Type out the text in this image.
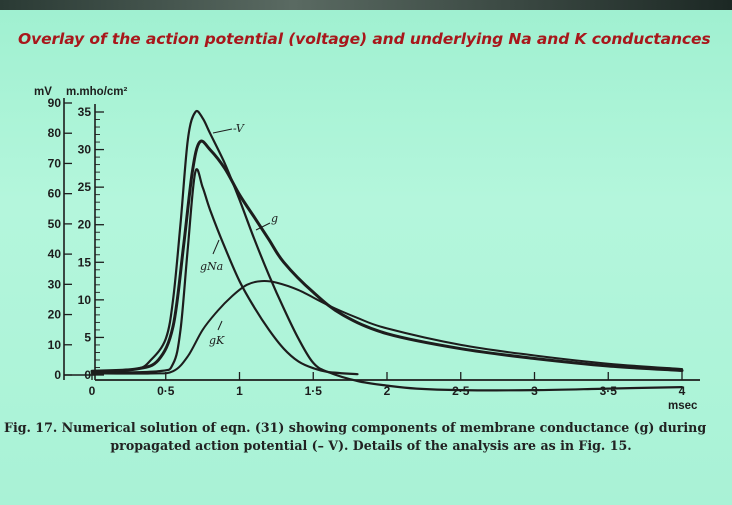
Overlay of the action potential (voltage) and underlying Na and K conductances
0
10
20
30
40
50
60
70
80
90
0
5
10
15
20
25
30
35
0	0·5	1	1·5	2	2·5	3	3·5	4
msec
mV m.mho/cm²
-V
g
gNa
gK
Fig. 17. Numerical solution of eqn. (31) showing components of membrane conductance (g) during
propagated action potential (– V). Details of the analysis are as in Fig. 15.
